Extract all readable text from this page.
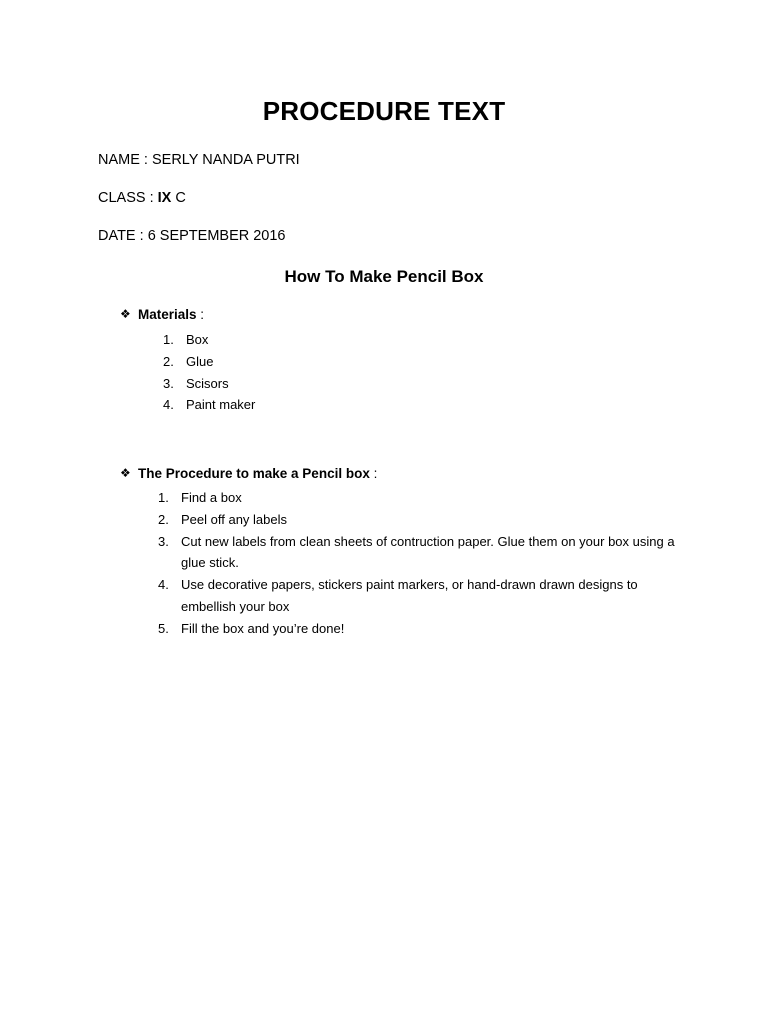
PROCEDURE TEXT
NAME : SERLY NANDA PUTRI
CLASS : IX C
DATE : 6 SEPTEMBER 2016
How To Make Pencil Box
❖ Materials :
1. Box
2. Glue
3. Scisors
4. Paint maker
❖ The Procedure to make a Pencil box :
1. Find a box
2. Peel off any labels
3. Cut new labels from clean sheets of contruction paper. Glue them on your box using a glue stick.
4. Use decorative papers, stickers paint markers, or hand-drawn drawn designs to embellish your box
5. Fill the box and you’re done!
